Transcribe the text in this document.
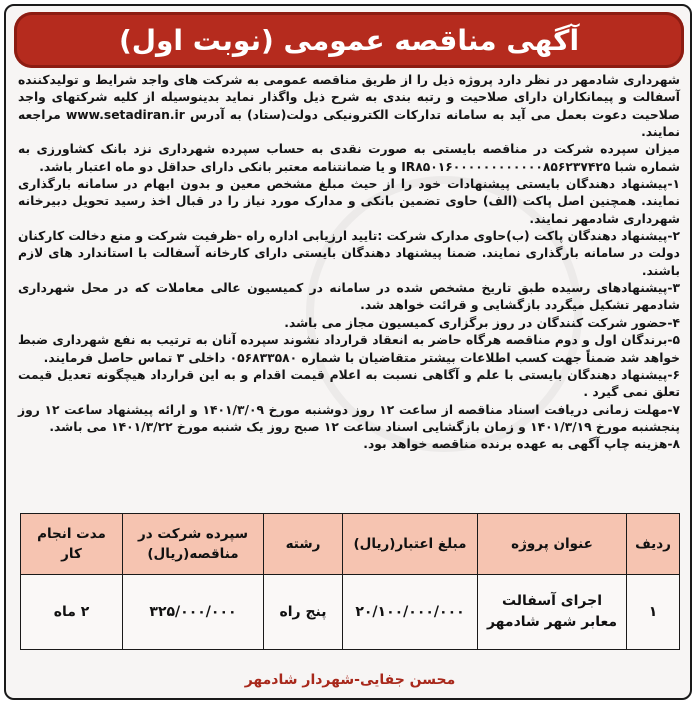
آگهی مناقصه عمومی (نوبت اول)

شهرداری شادمهر در نظر دارد پروژه ذیل را از طریق مناقصه عمومی به شرکت های واجد شرایط و تولیدکننده آسفالت و پیمانکاران دارای صلاحیت و رتبه بندی به شرح ذیل واگذار نماید بدینوسیله از کلیه شرکتهای واجد صلاحیت دعوت بعمل می آید به سامانه تدارکات الکترونیکی دولت(ستاد) به آدرس www.setadiran.ir مراجعه نمایند.

میزان سپرده شرکت در مناقصه بایستی به صورت نقدی به حساب سپرده شهرداری نزد بانک کشاورزی به شماره شبا IR۸۵۰۱۶۰۰۰۰۰۰۰۰۰۰۰۰۸۵۶۲۳۷۴۲۵ و یا ضمانتنامه معتبر بانکی دارای حداقل دو ماه اعتبار باشد.

۱-پیشنهاد دهندگان بایستی پیشنهادات خود را از حیث مبلغ مشخص معین و بدون ابهام در سامانه بارگذاری نمایند. همچنین اصل پاکت (الف) حاوی تضمین بانکی و مدارک مورد نیاز را در قبال اخذ رسید تحویل دبیرخانه شهرداری شادمهر نمایند.

۲-پیشنهاد دهندگان پاکت (ب)حاوی مدارک شرکت :تایید ارزیابی اداره راه -ظرفیت شرکت و منع دخالت کارکنان دولت در سامانه بارگذاری نمایند. ضمنا پیشنهاد دهندگان بایستی دارای کارخانه آسفالت با استاندارد های لازم باشند.

۳-پیشنهادهای رسیده طبق تاریخ مشخص شده در سامانه در کمیسیون عالی معاملات که در محل شهرداری شادمهر تشکیل میگردد بازگشایی و قرائت خواهد شد.

۴-حضور شرکت کنندگان در روز برگزاری کمیسیون مجاز می باشد.

۵-برندگان اول و دوم مناقصه هرگاه حاضر به انعقاد قرارداد نشوند سپرده آنان به ترتیب به نفع شهرداری ضبط خواهد شد ضمناً جهت کسب اطلاعات بیشتر متقاضیان با شماره ۰۵۶۸۳۳۵۸۰ داخلی ۳ تماس حاصل فرمایند.

۶-پیشنهاد دهندگان بایستی با علم و آگاهی نسبت به اعلام قیمت اقدام و به این قرارداد هیچگونه تعدیل قیمت تعلق نمی گیرد .

۷-مهلت زمانی دریافت اسناد مناقصه از ساعت ۱۲ روز دوشنبه مورخ ۱۴۰۱/۳/۰۹ و ارائه پیشنهاد ساعت ۱۲ روز پنجشنبه مورخ ۱۴۰۱/۳/۱۹ و زمان بازگشایی اسناد ساعت ۱۲ صبح روز یک شنبه مورخ ۱۴۰۱/۳/۲۲ می باشد.

۸-هزینه چاپ آگهی به عهده برنده مناقصه خواهد بود.

ردیف	عنوان پروژه	مبلغ اعتبار(ریال)	رشته	سپرده شرکت در مناقصه(ریال)	مدت انجام کار
۱	اجرای آسفالت معابر شهر شادمهر	۲۰/۱۰۰/۰۰۰/۰۰۰	پنج راه	۳۲۵/۰۰۰/۰۰۰	۲ ماه
محسن جفایی-شهردار شادمهر
